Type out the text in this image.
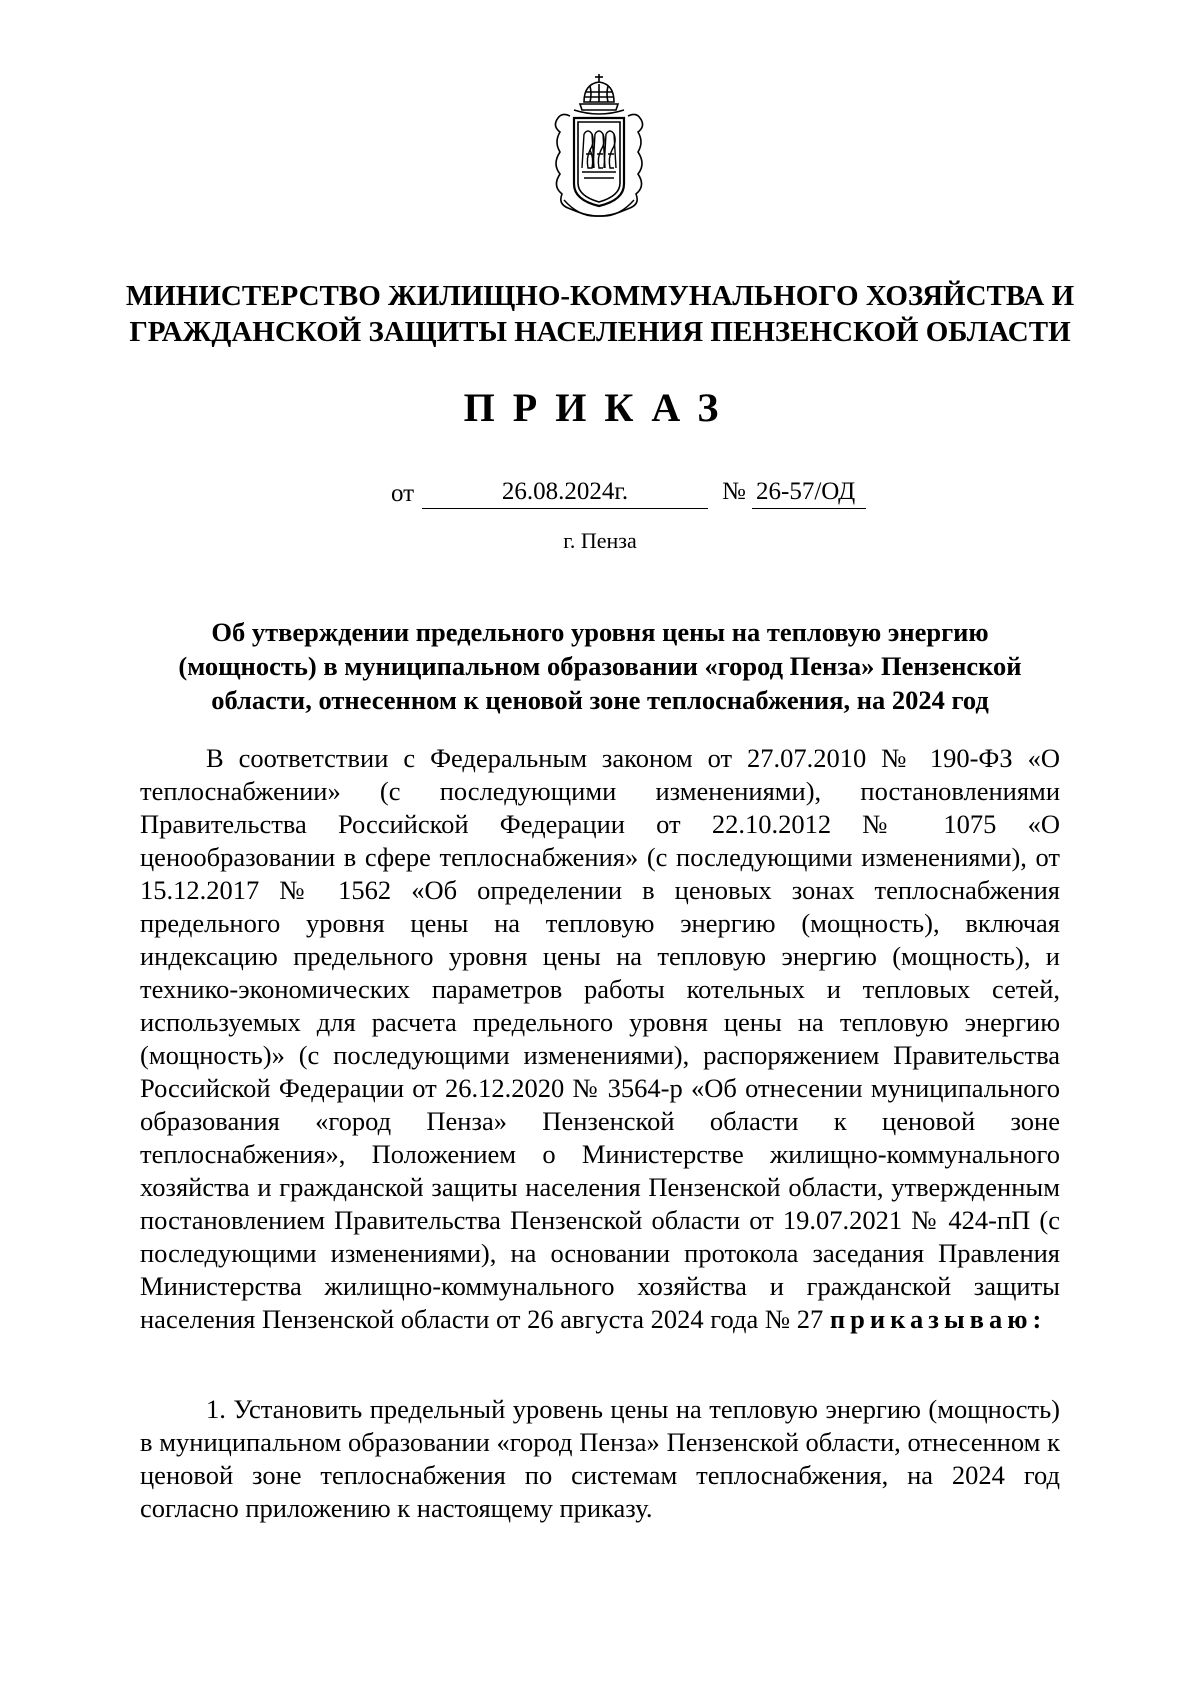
МИНИСТЕРСТВО ЖИЛИЩНО-КОММУНАЛЬНОГО ХОЗЯЙСТВА И
ГРАЖДАНСКОЙ ЗАЩИТЫ НАСЕЛЕНИЯ ПЕНЗЕНСКОЙ ОБЛАСТИ
ПРИКАЗ
от	26.08.2024г.	№ 26-57/ОД
г. Пенза
Об утверждении предельного уровня цены на тепловую энергию
(мощность) в муниципальном образовании «город Пенза» Пензенской
области, отнесенном к ценовой зоне теплоснабжения, на 2024 год

В соответствии с Федеральным законом от 27.07.2010 № 190-ФЗ «О теплоснабжении» (с последующими изменениями), постановлениями Правительства Российской Федерации от 22.10.2012 № 1075 «О ценообразовании в сфере теплоснабжения» (с последующими изменениями), от 15.12.2017 № 1562 «Об определении в ценовых зонах теплоснабжения предельного уровня цены на тепловую энергию (мощность), включая индексацию предельного уровня цены на тепловую энергию (мощность), и технико-экономических параметров работы котельных и тепловых сетей, используемых для расчета предельного уровня цены на тепловую энергию (мощность)» (с последующими изменениями), распоряжением Правительства Российской Федерации от 26.12.2020 № 3564-р «Об отнесении муниципального образования «город Пенза» Пензенской области к ценовой зоне теплоснабжения», Положением о Министерстве жилищно-коммунального хозяйства и гражданской защиты населения Пензенской области, утвержденным постановлением Правительства Пензенской области от 19.07.2021 № 424-пП (с последующими изменениями), на основании протокола заседания Правления Министерства жилищно-коммунального хозяйства и гражданской защиты населения Пензенской области от 26 августа 2024 года № 27 приказываю:

1. Установить предельный уровень цены на тепловую энергию (мощность) в муниципальном образовании «город Пенза» Пензенской области, отнесенном к ценовой зоне теплоснабжения по системам теплоснабжения, на 2024 год согласно приложению к настоящему приказу.
